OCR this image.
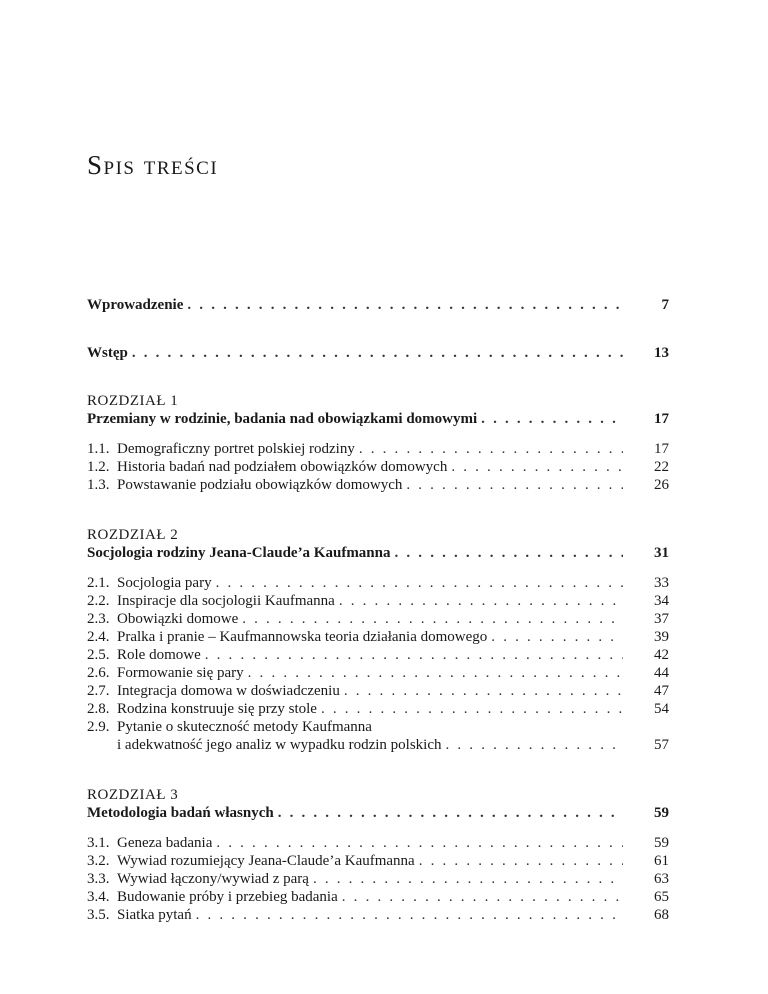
Spis treści
Wprowadzenie . . .	7
Wstęp . . .	13
ROZDZIAŁ 1
Przemiany w rodzinie, badania nad obowiązkami domowymi . . .	17
1.1. Demograficzny portret polskiej rodziny . . .	17
1.2. Historia badań nad podziałem obowiązków domowych . . .	22
1.3. Powstawanie podziału obowiązków domowych . . .	26
ROZDZIAŁ 2
Socjologia rodziny Jeana-Claude’a Kaufmanna . . .	31
2.1. Socjologia pary . . .	33
2.2. Inspiracje dla socjologii Kaufmanna . . .	34
2.3. Obowiązki domowe . . .	37
2.4. Pralka i pranie – Kaufmannowska teoria działania domowego . . .	39
2.5. Role domowe . . .	42
2.6. Formowanie się pary . . .	44
2.7. Integracja domowa w doświadczeniu . . .	47
2.8. Rodzina konstruuje się przy stole . . .	54
2.9. Pytanie o skuteczność metody Kaufmanna
i adekwatność jego analiz w wypadku rodzin polskich . . .	57
ROZDZIAŁ 3
Metodologia badań własnych . . .	59
3.1. Geneza badania . . .	59
3.2. Wywiad rozumiejący Jeana-Claude’a Kaufmanna . . .	61
3.3. Wywiad łączony/wywiad z parą . . .	63
3.4. Budowanie próby i przebieg badania . . .	65
3.5. Siatka pytań . . .	68
